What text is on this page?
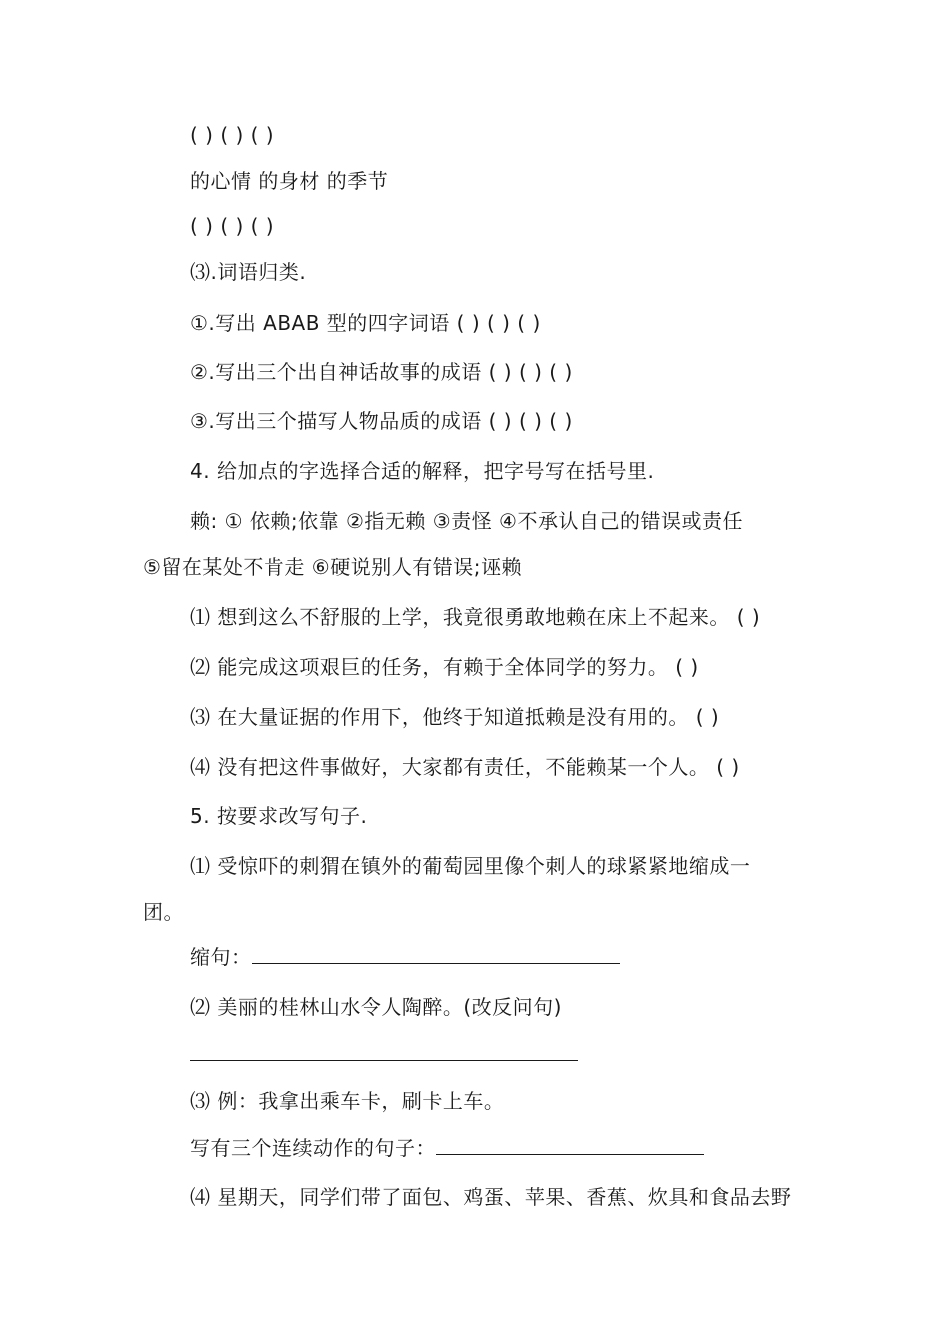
( ) ( ) ( )
的心情 的身材 的季节
( ) ( ) ( )
⑶.词语归类.
①.写出 ABAB 型的四字词语 ( ) ( ) ( )
②.写出三个出自神话故事的成语 ( ) ( ) ( )
③.写出三个描写人物品质的成语 ( ) ( ) ( )
4. 给加点的字选择合适的解释，把字号写在括号里.
赖: ① 依赖;依靠 ②指无赖 ③责怪 ④不承认自己的错误或责任
⑤留在某处不肯走 ⑥硬说别人有错误;诬赖
⑴ 想到这么不舒服的上学，我竟很勇敢地赖在床上不起来。 ( )
⑵ 能完成这项艰巨的任务，有赖于全体同学的努力。 ( )
⑶ 在大量证据的作用下，他终于知道抵赖是没有用的。 ( )
⑷ 没有把这件事做好，大家都有责任，不能赖某一个人。 ( )
5. 按要求改写句子.
⑴ 受惊吓的刺猬在镇外的葡萄园里像个刺人的球紧紧地缩成一
团。
缩句：
⑵ 美丽的桂林山水令人陶醉。(改反问句)
⑶ 例：我拿出乘车卡，刷卡上车。
写有三个连续动作的句子：
⑷ 星期天，同学们带了面包、鸡蛋、苹果、香蕉、炊具和食品去野
